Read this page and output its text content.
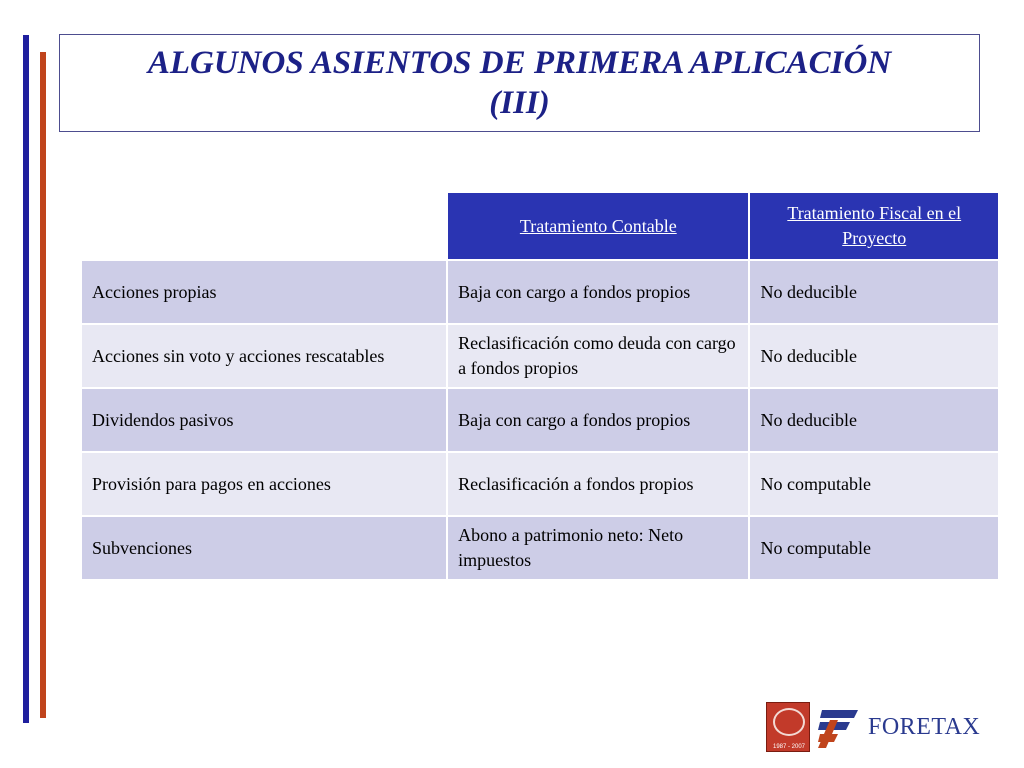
ALGUNOS ASIENTOS DE PRIMERA APLICACIÓN
(III)
	Tratamiento Contable	Tratamiento Fiscal en el Proyecto
Acciones propias	Baja con cargo a fondos propios	No deducible
Acciones sin voto y acciones rescatables	Reclasificación como deuda con cargo a fondos propios	No deducible
Dividendos pasivos	Baja con cargo a fondos propios	No deducible
Provisión para pagos en acciones	Reclasificación a fondos propios	No computable
Subvenciones	Abono a patrimonio neto: Neto impuestos	No computable
1987 - 2007
FORETAX
